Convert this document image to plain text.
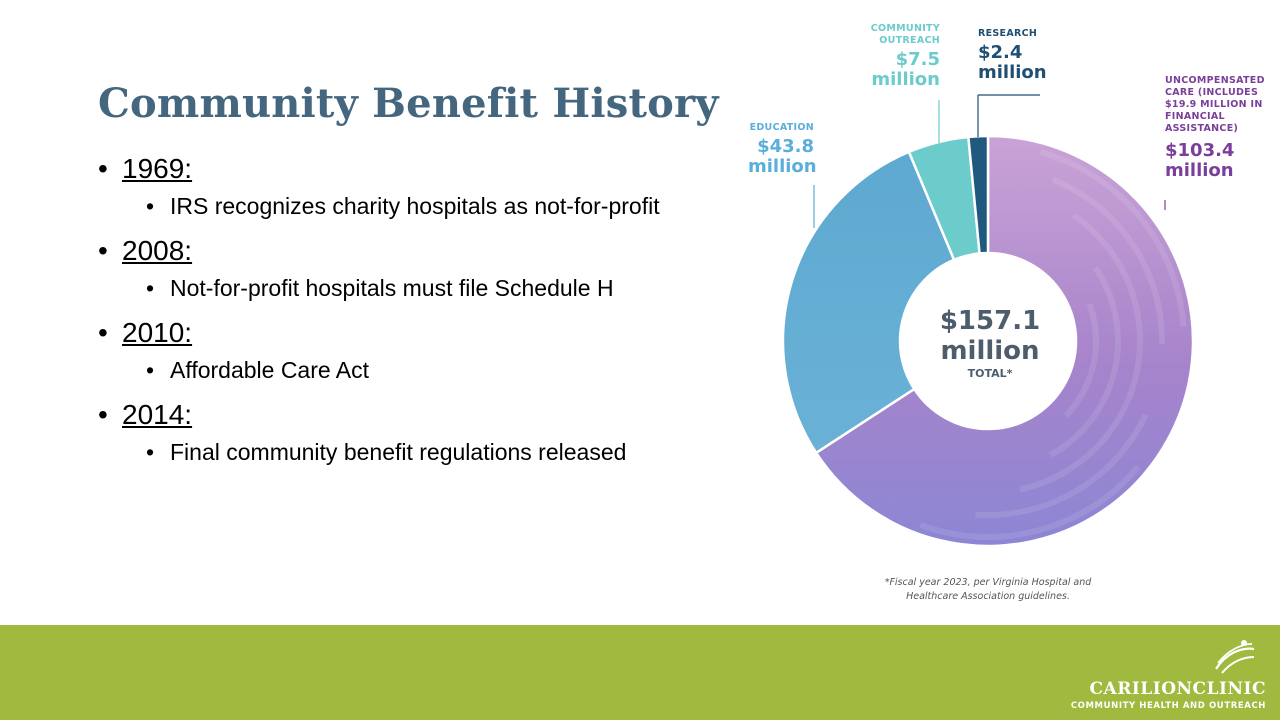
Community Benefit History
• 1969:
• IRS recognizes charity hospitals as not-for-profit
• 2008:
• Not-for-profit hospitals must file Schedule H
• 2010:
• Affordable Care Act
• 2014:
• Final community benefit regulations released
RESEARCH
$2.4 million
COMMUNITY OUTREACH
$7.5 million
EDUCATION
$43.8 million
UNCOMPENSATED CARE (INCLUDES $19.9 MILLION IN FINANCIAL ASSISTANCE)
$103.4 million
$157.1 million
TOTAL*
*Fiscal year 2023, per Virginia Hospital and Healthcare Association guidelines.
CARILIONCLINIC
COMMUNITY HEALTH AND OUTREACH
